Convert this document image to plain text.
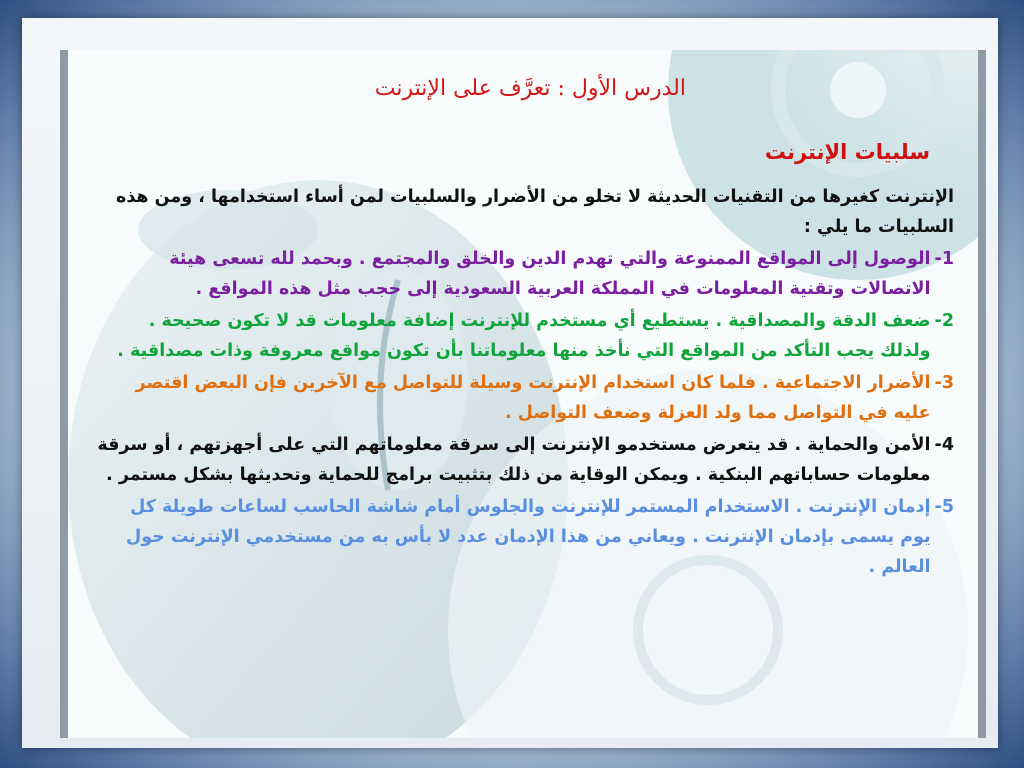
الدرس الأول : تعرَّف على الإنترنت
سلبيات الإنترنت

الإنترنت كغيرها من التقنيات الحديثة لا تخلو من الأضرار والسلبيات لمن أساء استخدامها ، ومن هذه السلبيات ما يلي :

1-
الوصول إلى المواقع الممنوعة والتي تهدم الدين والخلق والمجتمع . وبحمد لله تسعى هيئة الاتصالات وتقنية المعلومات في المملكة العربية السعودية إلى حجب مثل هذه المواقع .
2-
ضعف الدقة والمصداقية . يستطيع أي مستخدم للإنترنت إضافة معلومات قد لا تكون صحيحة . ولذلك يجب التأكد من المواقع التي نأخذ منها معلوماتنا بأن تكون مواقع معروفة وذات مصداقية .
3-
الأضرار الاجتماعية . فلما كان استخدام الإنترنت وسيلة للتواصل مع الآخرين فإن البعض اقتصر عليه في التواصل مما ولد العزلة وضعف التواصل .
4-
الأمن والحماية . قد يتعرض مستخدمو الإنترنت إلى سرقة معلوماتهم التي على أجهزتهم ، أو سرقة معلومات حساباتهم البنكية . ويمكن الوقاية من ذلك بتثبيت برامج للحماية وتحديثها بشكل مستمر .
5-
إدمان الإنترنت . الاستخدام المستمر للإنترنت والجلوس أمام شاشة الحاسب لساعات طويلة كل يوم يسمى بإدمان الإنترنت . ويعاني من هذا الإدمان عدد لا بأس به من مستخدمي الإنترنت حول العالم .
